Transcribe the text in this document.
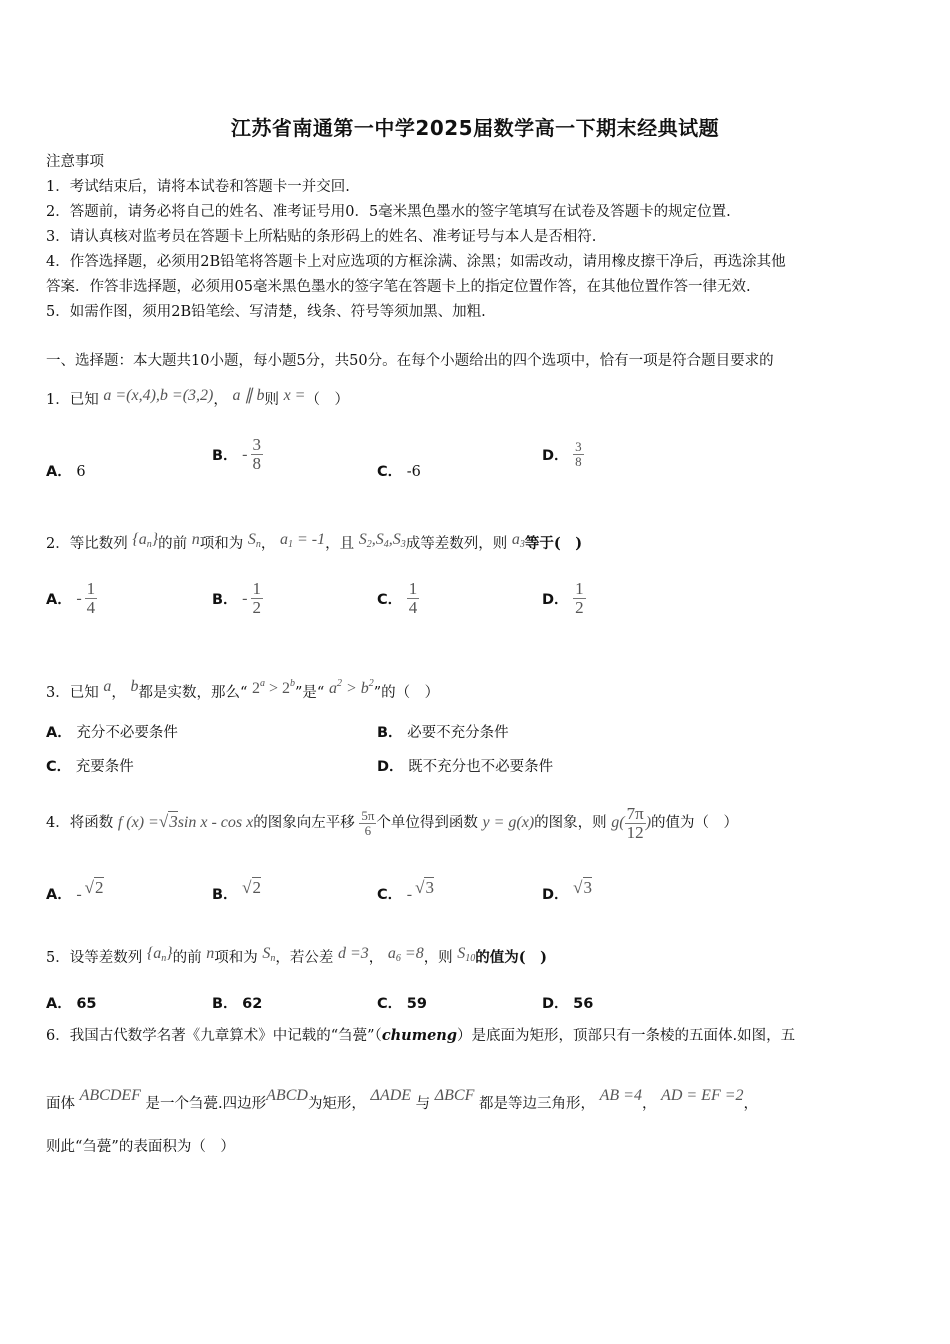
江苏省南通第一中学2025届数学高一下期末经典试题
注意事项
1．考试结束后，请将本试卷和答题卡一并交回.
2．答题前，请务必将自己的姓名、准考证号用0．5毫米黑色墨水的签字笔填写在试卷及答题卡的规定位置.
3．请认真核对监考员在答题卡上所粘贴的条形码上的姓名、准考证号与本人是否相符.
4．作答选择题，必须用2B铅笔将答题卡上对应选项的方框涂满、涂黑；如需改动，请用橡皮擦干净后，再选涂其他
答案．作答非选择题，必须用05毫米黑色墨水的签字笔在答题卡上的指定位置作答，在其他位置作答一律无效.
5．如需作图，须用2B铅笔绘、写清楚，线条、符号等须加黑、加粗.
一、选择题：本大题共10小题，每小题5分，共50分。在每个小题给出的四个选项中，恰有一项是符合题目要求的
1．已知 a =(x,4),b =(3,2)， a ∥ b则 x =（　）
A． 6
B． - $\frac{3}{8}$	C． -6
D． $\frac{3}{8}$
2．等比数列 $\{a_n\}$的前 n项和为 $S_n$， $a_1 = -1$，且 $S_2,S_4,S_3$成等差数列，则 $a_3$等于(　)
A． - $\frac{1}{4}$	B． - $\frac{1}{2}$	C． $\frac{1}{4}$	D． $\frac{1}{2}$
3．已知 a， b都是实数，那么“ $2^a > 2^b$”是“ $a^2 > b^2$”的（　）
A． 充分不必要条件	B． 必要不充分条件
C． 充要条件	D． 既不充分也不必要条件
4．将函数 f (x) =√3sin x - cos x的图象向左平移 $\frac{5\pi}{6}$ 个单位得到函数 y = g(x)的图象，则 $g( \frac{7\pi}{12}$ )的值为（　）
A． - √2	B． √2	C． - √3	D． √3
5．设等差数列 $\{a_n\}$的前 n项和为 $S_n$，若公差 d =3， $a_6 =8$，则 $S_{10}$的值为(　)
A． 65	B． 62	C． 59	D． 56
6．我国古代数学名著《九章算术》中记载的“刍甍”（chumeng）是底面为矩形，顶部只有一条棱的五面体.如图，五
面体 ABCDEF 是一个刍甍.四边形ABCD为矩形， ΔADE 与 ΔBCF 都是等边三角形， AB =4， AD = EF =2，
则此“刍甍”的表面积为（　）
